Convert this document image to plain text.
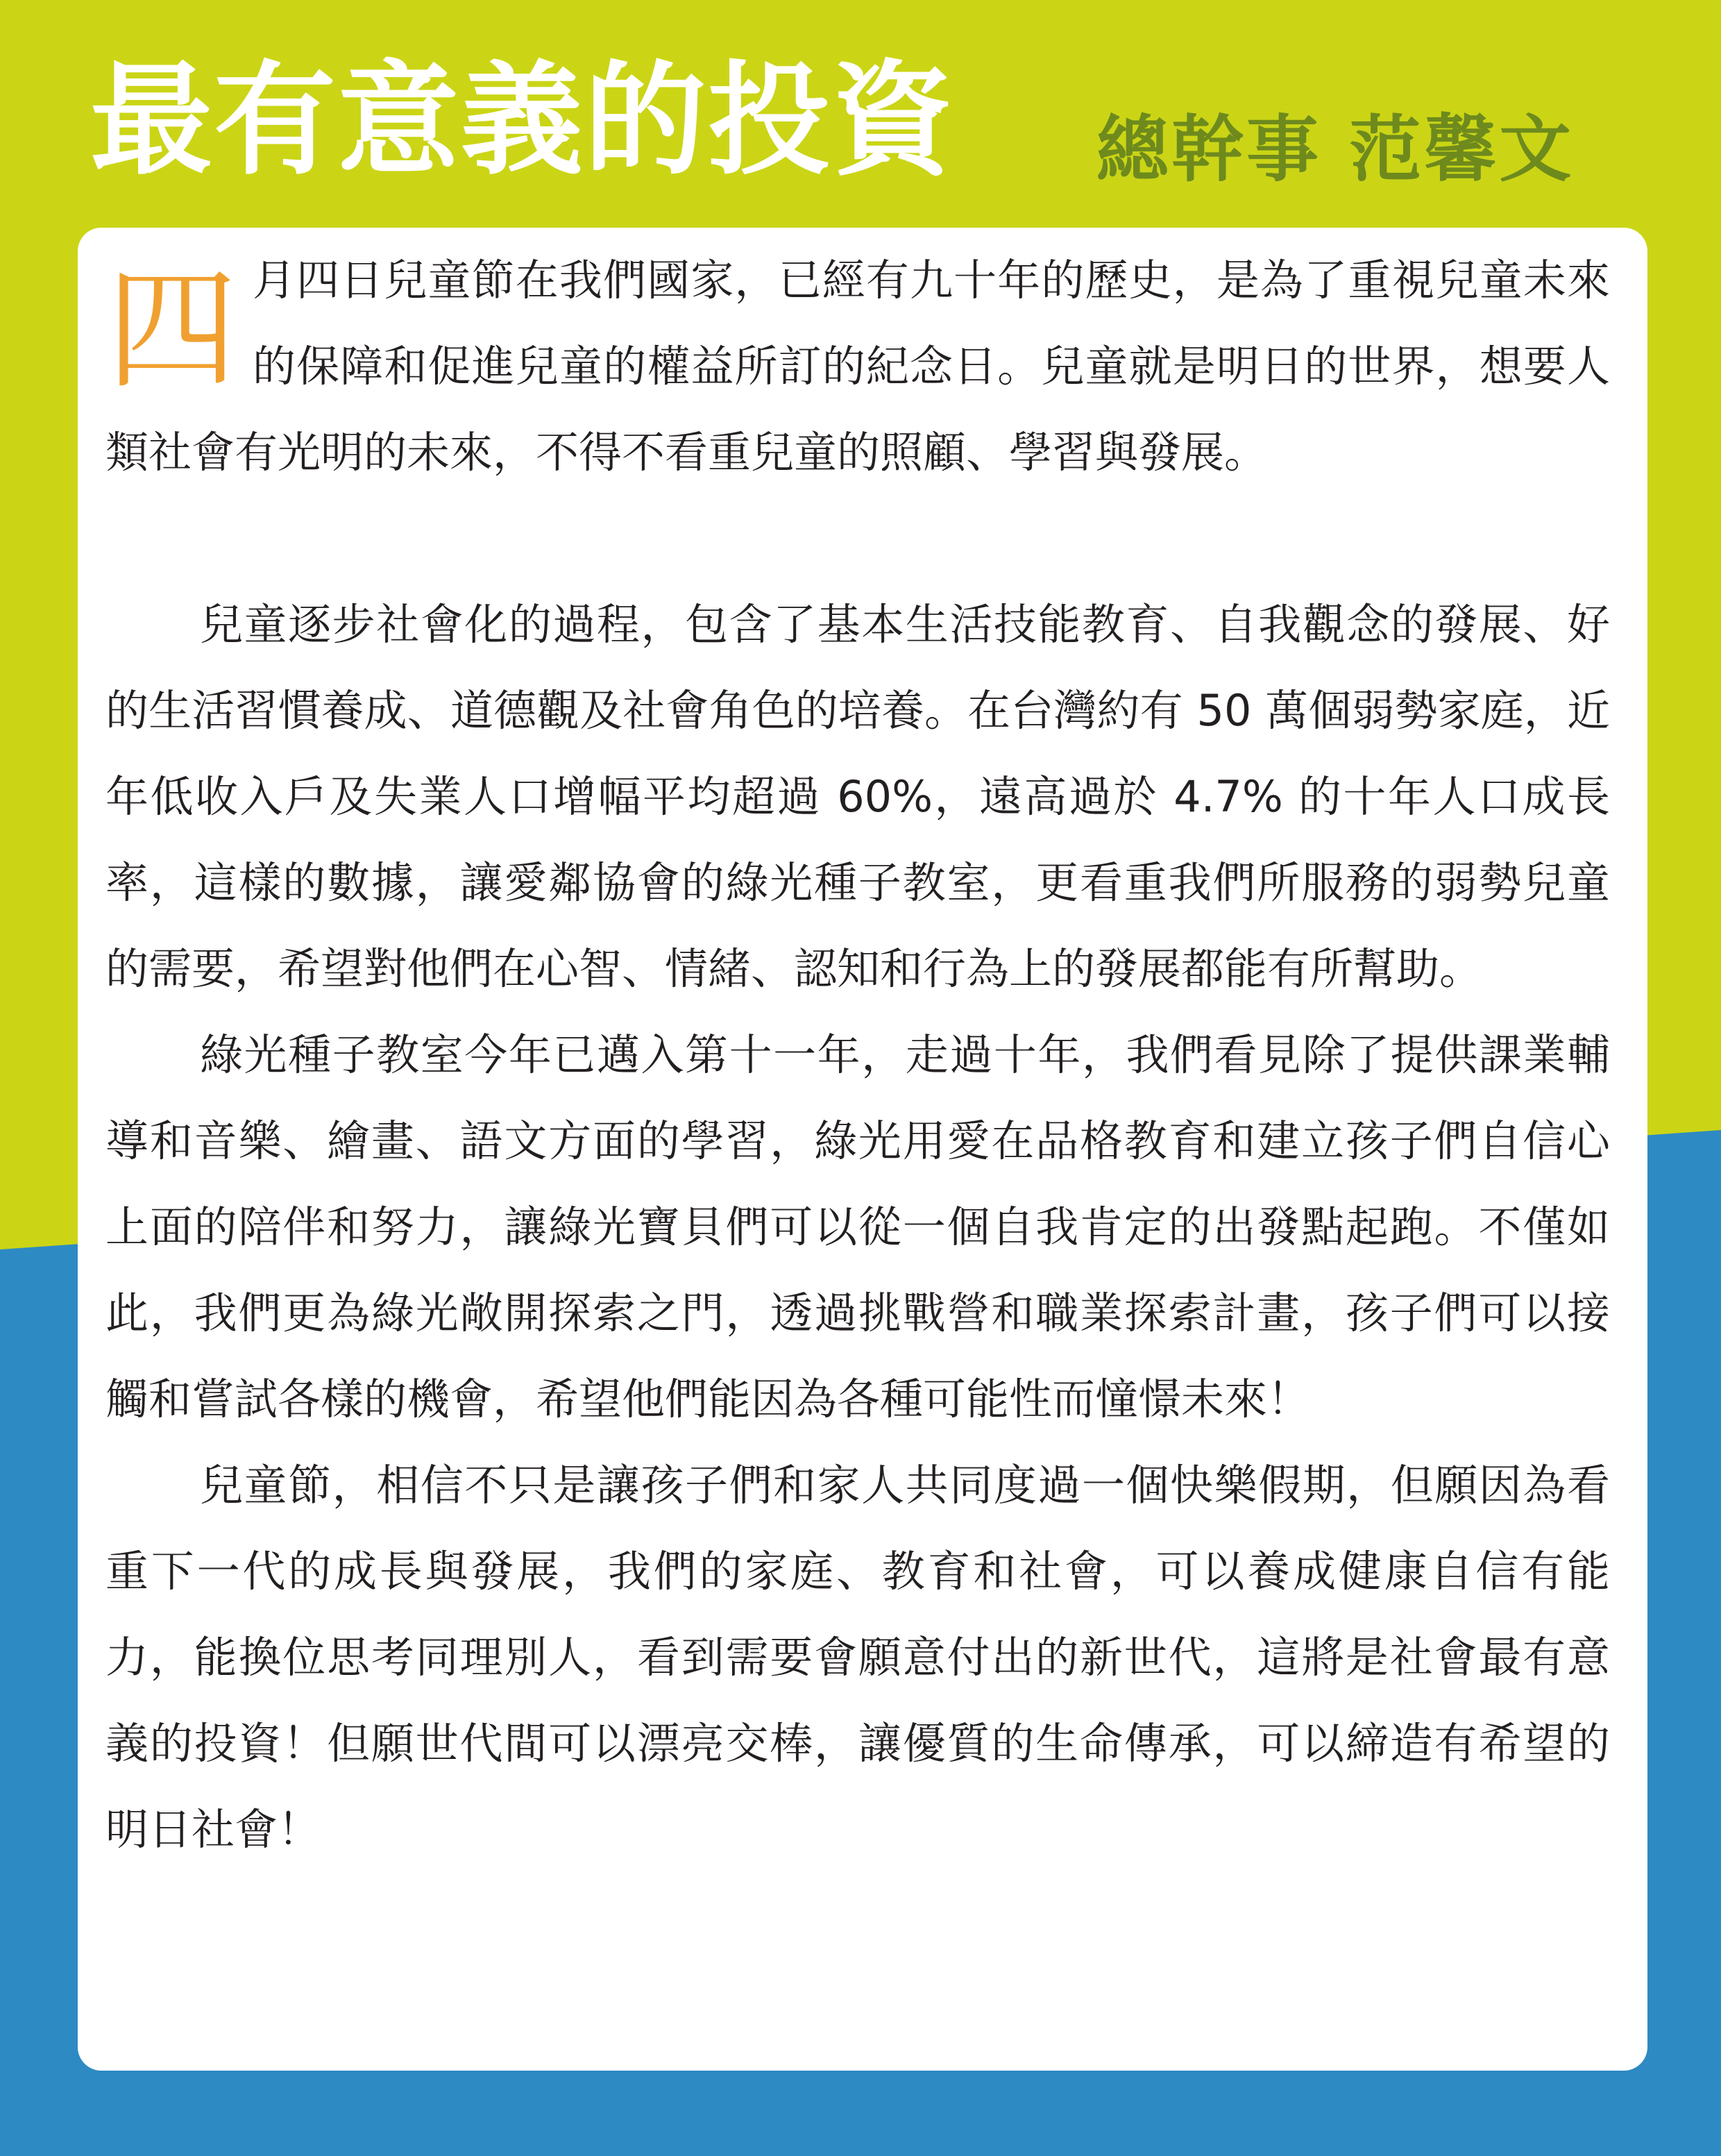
最有意義的投資 總幹事 范馨文

四月四日兒童節在我們國家，已經有九十年的歷史，是為了重視兒童未來的保障和促進兒童的權益所訂的紀念日。兒童就是明日的世界，想要人類社會有光明的未來，不得不看重兒童的照顧、學習與發展。

兒童逐步社會化的過程，包含了基本生活技能教育、自我觀念的發展、好的生活習慣養成、道德觀及社會角色的培養。在台灣約有 50 萬個弱勢家庭，近年低收入戶及失業人口增幅平均超過 60%，遠高過於 4.7% 的十年人口成長率，這樣的數據，讓愛鄰協會的綠光種子教室，更看重我們所服務的弱勢兒童的需要，希望對他們在心智、情緒、認知和行為上的發展都能有所幫助。

綠光種子教室今年已邁入第十一年，走過十年，我們看見除了提供課業輔導和音樂、繪畫、語文方面的學習，綠光用愛在品格教育和建立孩子們自信心上面的陪伴和努力，讓綠光寶貝們可以從一個自我肯定的出發點起跑。不僅如此，我們更為綠光敞開探索之門，透過挑戰營和職業探索計畫，孩子們可以接觸和嘗試各樣的機會，希望他們能因為各種可能性而憧憬未來！

兒童節，相信不只是讓孩子們和家人共同度過一個快樂假期，但願因為看重下一代的成長與發展，我們的家庭、教育和社會，可以養成健康自信有能力，能換位思考同理別人，看到需要會願意付出的新世代，這將是社會最有意義的投資！但願世代間可以漂亮交棒，讓優質的生命傳承，可以締造有希望的明日社會！
